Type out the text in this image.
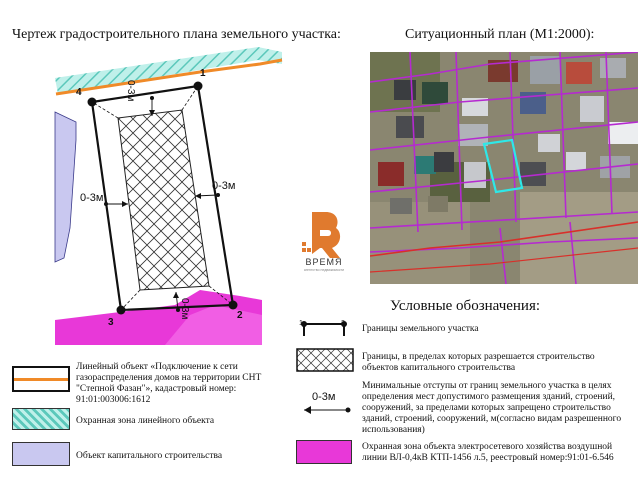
Чертеж градостроительного плана земельного участка:	Ситуационный план (М1:2000):
4
1
2
3
0-3м
0-3м
0-3м
0-3м
ВРЕМЯ
агентство недвижимости
Условные обозначения:
Линейный объект «Подключение к сети газораспределения домов на территории СНТ "Степной Фазан"», кадастровый номер: 91:01:003006:1612
Охранная зона линейного объекта
Объект капитального строительства
1	2
Границы земельного участка
Границы, в пределах которых разрешается строительство объектов капитального строительства
0-3м
Минимальные отступы от границ земельного участка в целях определения мест допустимого размещения зданий, строений, сооружений, за пределами которых запрещено строительство зданий, строений, сооружений, м(согласно видам разрешенного использования)
Охранная зона объекта электросетевого хозяйства воздушной линии ВЛ-0,4кВ КТП-1456 л.5, реестровый номер:91:01-6.546
